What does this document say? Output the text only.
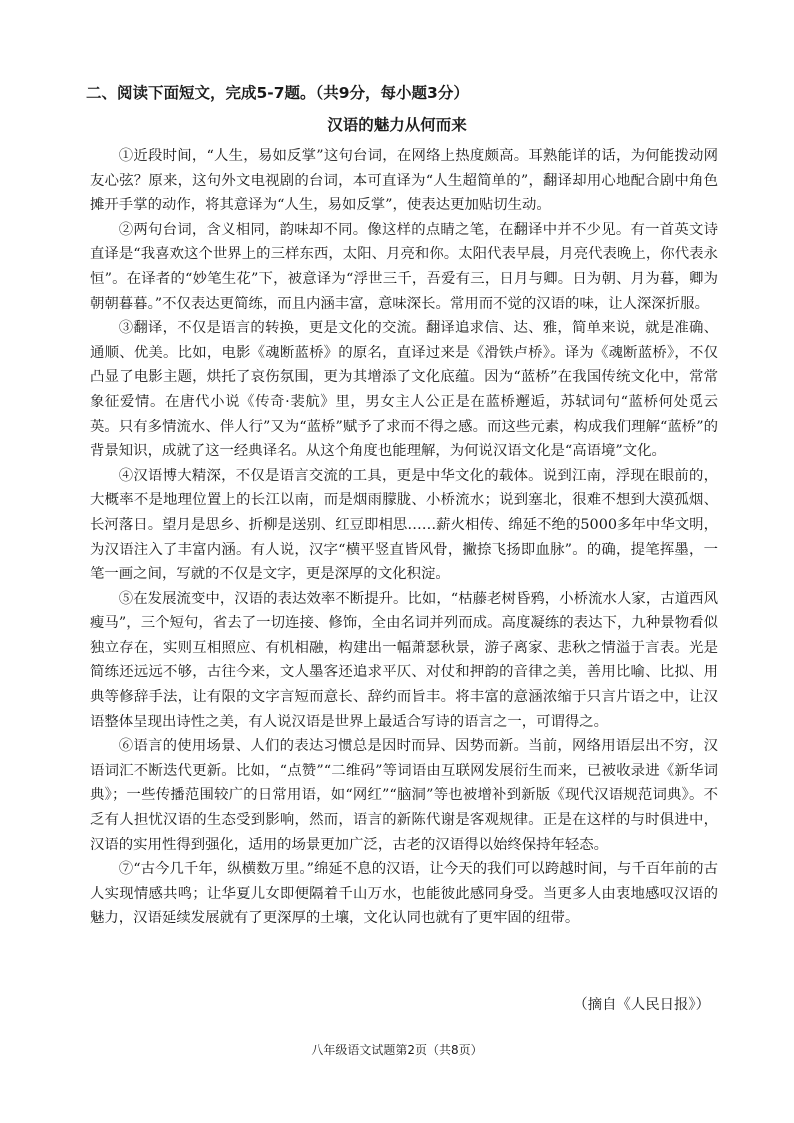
二、阅读下面短文，完成5-7题。（共9分，每小题3分）
汉语的魅力从何而来

①近段时间，“人生，易如反掌”这句台词，在网络上热度颇高。耳熟能详的话，为何能拨动网友心弦？原来，这句外文电视剧的台词，本可直译为“人生超简单的”，翻译却用心地配合剧中角色摊开手掌的动作，将其意译为“人生，易如反掌”，使表达更加贴切生动。

②两句台词，含义相同，韵味却不同。像这样的点睛之笔，在翻译中并不少见。有一首英文诗直译是“我喜欢这个世界上的三样东西，太阳、月亮和你。太阳代表早晨，月亮代表晚上，你代表永恒”。在译者的“妙笔生花”下，被意译为“浮世三千，吾爱有三，日月与卿。日为朝、月为暮，卿为朝朝暮暮。”不仅表达更简练，而且内涵丰富，意味深长。常用而不觉的汉语的味，让人深深折服。

③翻译，不仅是语言的转换，更是文化的交流。翻译追求信、达、雅，简单来说，就是准确、通顺、优美。比如，电影《魂断蓝桥》的原名，直译过来是《滑铁卢桥》。译为《魂断蓝桥》，不仅凸显了电影主题，烘托了哀伤氛围，更为其增添了文化底蕴。因为“蓝桥”在我国传统文化中，常常象征爱情。在唐代小说《传奇·裴航》里，男女主人公正是在蓝桥邂逅，苏轼词句“蓝桥何处觅云英。只有多情流水、伴人行”又为“蓝桥”赋予了求而不得之感。而这些元素，构成我们理解“蓝桥”的背景知识，成就了这一经典译名。从这个角度也能理解，为何说汉语文化是“高语境”文化。

④汉语博大精深，不仅是语言交流的工具，更是中华文化的载体。说到江南，浮现在眼前的，大概率不是地理位置上的长江以南，而是烟雨朦胧、小桥流水；说到塞北，很难不想到大漠孤烟、长河落日。望月是思乡、折柳是送别、红豆即相思……薪火相传、绵延不绝的5000多年中华文明，为汉语注入了丰富内涵。有人说，汉字“横平竖直皆风骨，撇捺飞扬即血脉”。的确，提笔挥墨，一笔一画之间，写就的不仅是文字，更是深厚的文化积淀。

⑤在发展流变中，汉语的表达效率不断提升。比如，“枯藤老树昏鸦，小桥流水人家，古道西风瘦马”，三个短句，省去了一切连接、修饰，全由名词并列而成。高度凝练的表达下，九种景物看似独立存在，实则互相照应、有机相融，构建出一幅萧瑟秋景，游子离家、悲秋之情溢于言表。光是简练还远远不够，古往今来，文人墨客还追求平仄、对仗和押韵的音律之美，善用比喻、比拟、用典等修辞手法，让有限的文字言短而意长、辞约而旨丰。将丰富的意涵浓缩于只言片语之中，让汉语整体呈现出诗性之美，有人说汉语是世界上最适合写诗的语言之一，可谓得之。

⑥语言的使用场景、人们的表达习惯总是因时而异、因势而新。当前，网络用语层出不穷，汉语词汇不断迭代更新。比如，“点赞”“二维码”等词语由互联网发展衍生而来，已被收录进《新华词典》；一些传播范围较广的日常用语，如“网红”“脑洞”等也被增补到新版《现代汉语规范词典》。不乏有人担忧汉语的生态受到影响，然而，语言的新陈代谢是客观规律。正是在这样的与时俱进中，汉语的实用性得到强化，适用的场景更加广泛，古老的汉语得以始终保持年轻态。

⑦“古今几千年，纵横数万里。”绵延不息的汉语，让今天的我们可以跨越时间，与千百年前的古人实现情感共鸣；让华夏儿女即便隔着千山万水，也能彼此感同身受。当更多人由衷地感叹汉语的魅力，汉语延续发展就有了更深厚的土壤，文化认同也就有了更牢固的纽带。

（摘自《人民日报》）
八年级语文试题第2页（共8页）
